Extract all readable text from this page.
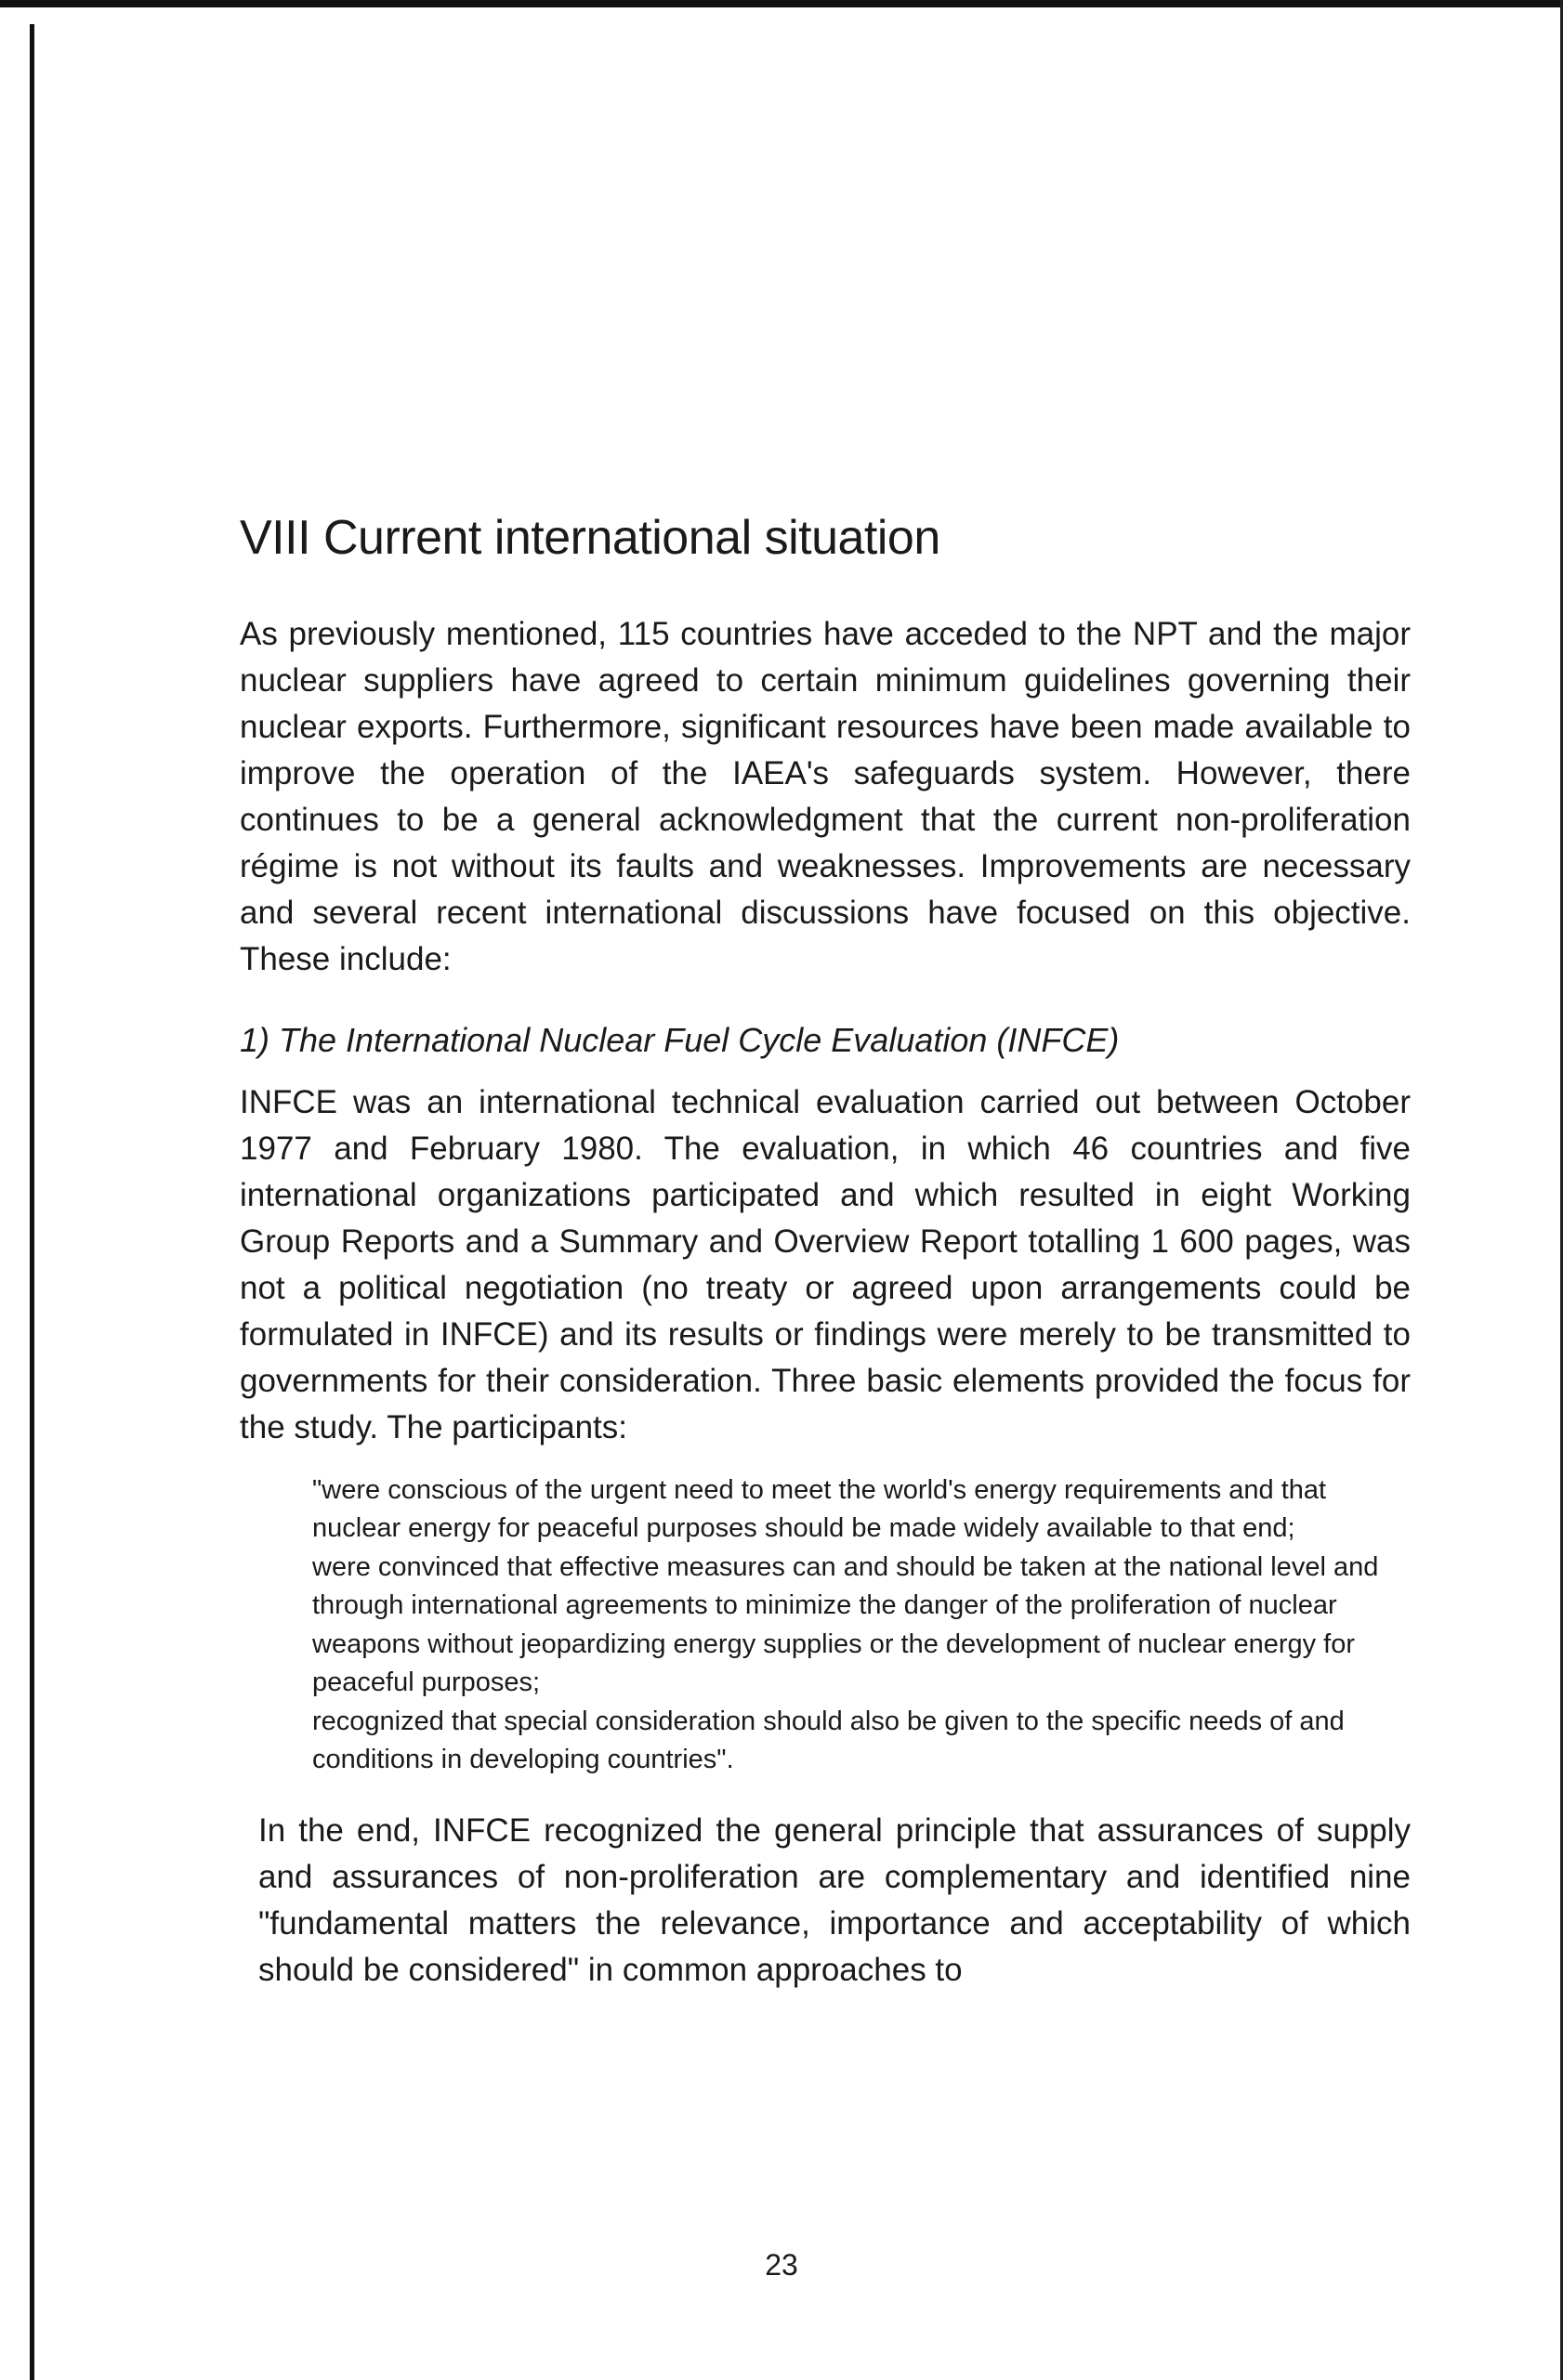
VIII Current international situation

As previously mentioned, 115 countries have acceded to the NPT and the major nuclear suppliers have agreed to certain minimum guidelines governing their nuclear exports. Furthermore, significant resources have been made available to improve the operation of the IAEA's safeguards system. However, there continues to be a general acknowledgment that the current non-proliferation régime is not without its faults and weaknesses. Improvements are necessary and several recent international discussions have focused on this objective. These include:

1) The International Nuclear Fuel Cycle Evaluation (INFCE)

INFCE was an international technical evaluation carried out between October 1977 and February 1980. The evaluation, in which 46 countries and five international organizations participated and which resulted in eight Working Group Reports and a Summary and Overview Report totalling 1 600 pages, was not a political negotiation (no treaty or agreed upon arrangements could be formulated in INFCE) and its results or findings were merely to be transmitted to governments for their consideration. Three basic elements provided the focus for the study. The participants:

"were conscious of the urgent need to meet the world's energy requirements and that nuclear energy for peaceful purposes should be made widely available to that end;

were convinced that effective measures can and should be taken at the national level and through international agreements to minimize the danger of the proliferation of nuclear weapons without jeopardizing energy supplies or the development of nuclear energy for peaceful purposes;

recognized that special consideration should also be given to the specific needs of and conditions in developing countries".

In the end, INFCE recognized the general principle that assurances of supply and assurances of non-proliferation are complementary and identified nine "fundamental matters the relevance, importance and acceptability of which should be considered" in common approaches to

23
